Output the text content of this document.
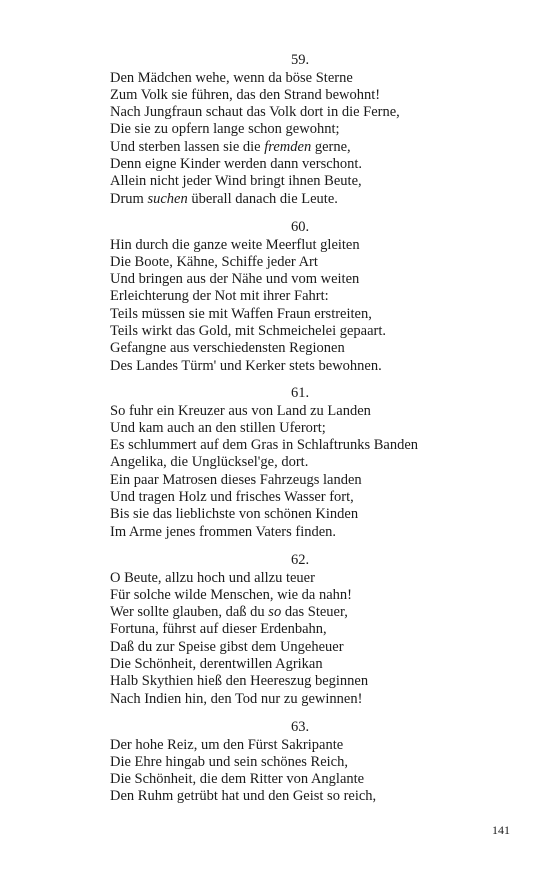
59.
Den Mädchen wehe, wenn da böse Sterne
Zum Volk sie führen, das den Strand bewohnt!
Nach Jungfraun schaut das Volk dort in die Ferne,
Die sie zu opfern lange schon gewohnt;
Und sterben lassen sie die fremden gerne,
Denn eigne Kinder werden dann verschont.
Allein nicht jeder Wind bringt ihnen Beute,
Drum suchen überall danach die Leute.
60.
Hin durch die ganze weite Meerflut gleiten
Die Boote, Kähne, Schiffe jeder Art
Und bringen aus der Nähe und vom weiten
Erleichterung der Not mit ihrer Fahrt:
Teils müssen sie mit Waffen Fraun erstreiten,
Teils wirkt das Gold, mit Schmeichelei gepaart.
Gefangne aus verschiedensten Regionen
Des Landes Türm' und Kerker stets bewohnen.
61.
So fuhr ein Kreuzer aus von Land zu Landen
Und kam auch an den stillen Uferort;
Es schlummert auf dem Gras in Schlaftrunks Banden
Angelika, die Unglücksel'ge, dort.
Ein paar Matrosen dieses Fahrzeugs landen
Und tragen Holz und frisches Wasser fort,
Bis sie das lieblichste von schönen Kinden
Im Arme jenes frommen Vaters finden.
62.
O Beute, allzu hoch und allzu teuer
Für solche wilde Menschen, wie da nahn!
Wer sollte glauben, daß du so das Steuer,
Fortuna, führst auf dieser Erdenbahn,
Daß du zur Speise gibst dem Ungeheuer
Die Schönheit, derentwillen Agrikan
Halb Skythien hieß den Heereszug beginnen
Nach Indien hin, den Tod nur zu gewinnen!
63.
Der hohe Reiz, um den Fürst Sakripante
Die Ehre hingab und sein schönes Reich,
Die Schönheit, die dem Ritter von Anglante
Den Ruhm getrübt hat und den Geist so reich,
141
